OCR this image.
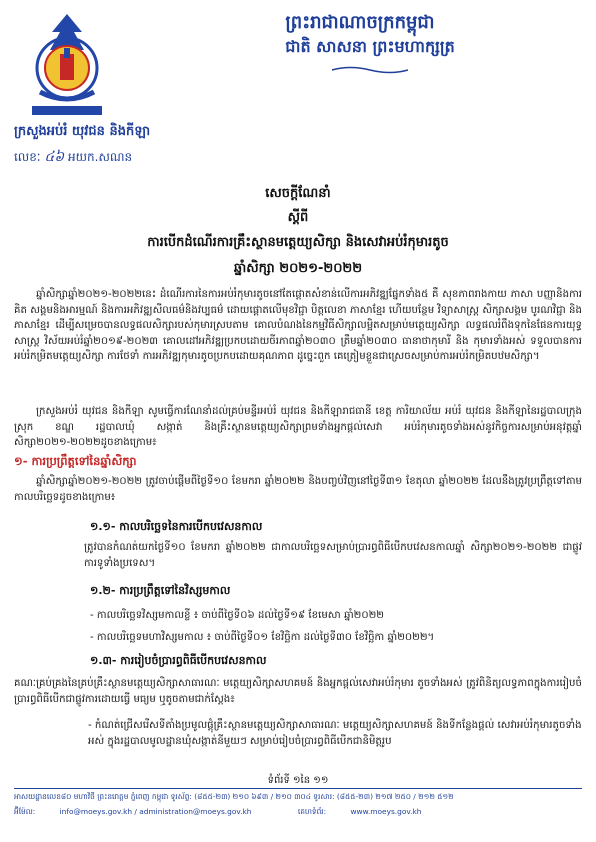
ព្រះរាជាណាចក្រកម្ពុជា
ជាតិ សាសនា ព្រះមហាក្សត្រ
ក្រសួងអប់រំ យុវជន និងកីឡា
លេខៈ ៤៦ អយក.សណន
សេចក្ដីណែនាំ
ស្ដីពី
ការបើកដំណើរការគ្រឹះស្ថានមត្តេយ្យសិក្សា និងសេវាអប់រំកុមារតូច
ឆ្នាំសិក្សា ២០២១-២០២២

ឆ្នាំសិក្សាឆ្នាំ២០២១-២០២២នេះ ដំណើរការនៃការអប់រំកុមារតូចនៅតែផ្ដោតសំខាន់លើការអភិវឌ្ឍផ្នែកទាំង៥ គឺ សុខភាពរាងកាយ ភាសា បញ្ញានិងការគិត សង្គមនិងអារម្មណ៍ និងការអភិវឌ្ឍសីលធម៌និងវប្បធម៌ ដោយផ្ដោតលើមុខវិជ្ជា បិត្តលេខា ភាសាខ្មែរ ហើយបន្ថែម វិទ្យាសាស្ត្រ សិក្សាសង្គម បូរណវិជ្ជា និងភាសាខ្មែរ ដើម្បីសម្រេចបានលទ្ធផលសិក្សារបស់កុមារស្របតាម គោលបំណងនៃកម្មវិធីសិក្សាលម្អិតសម្រាប់មត្តេយ្យសិក្សា លទ្ធផលរំពឹងទុកនៃផែនការយុទ្ធសាស្ត្រ វិស័យអប់រំឆ្នាំ២០១៩-២០២៣ គោលដៅអភិវឌ្ឍប្រកបដោយចីរភាពឆ្នាំ២០៣០ ត្រឹមឆ្នាំ២០៣០ ធានាថាកុមារី និង កុមារទាំងអស់ ទទួលបានការអប់រំកម្រិតមត្តេយ្យសិក្សា ការថែទាំ ការអភិវឌ្ឍកុមារតូចប្រកបដោយគុណភាព ដូច្នេះពួក គេត្រៀមខ្លួនជាស្រេចសម្រាប់ការអប់រំកម្រិតបឋមសិក្សា។

ក្រសួងអប់រំ យុវជន និងកីឡា សូមធ្វើការណែនាំដល់គ្រប់មន្ទីរអប់រំ យុវជន និងកីឡារាជធានី ខេត្ត ការិយាល័យ អប់រំ យុវជន និងកីឡានៃរដ្ឋបាលក្រុង ស្រុក ខណ្ឌ រដ្ឋបាលឃុំ សង្កាត់ និងគ្រឹះស្ថានមត្តេយ្យសិក្សាព្រមទាំងអ្នកផ្ដល់សេវា អប់រំកុមារតូចទាំងអស់នូវកិច្ចការសម្រាប់អនុវត្តឆ្នាំសិក្សា២០២១-២០២២ដូចខាងក្រោម៖

១- ការប្រព្រឹត្តទៅនៃឆ្នាំសិក្សា

ឆ្នាំសិក្សាឆ្នាំ២០២១-២០២២ ត្រូវចាប់ផ្ដើមពីថ្ងៃទី១០ ខែមករា ឆ្នាំ២០២២ និងបញ្ចប់វិញនៅថ្ងៃទី៣១ ខែតុលា ឆ្នាំ២០២២ ដែលនឹងត្រូវប្រព្រឹត្តទៅតាមកាលបរិច្ឆេទដូចខាងក្រោម៖

១.១- កាលបរិច្ឆេទនៃការបើកបវេសនកាល

ត្រូវបានកំណត់យកថ្ងៃទី១០ ខែមករា ឆ្នាំ២០២២ ជាកាលបរិច្ឆេទសម្រាប់ប្រារព្ធពិធីបើកបវេសនកាលឆ្នាំ សិក្សា២០២១-២០២២ ជាផ្លូវការទូទាំងប្រទេស។

១.២- ការប្រព្រឹត្តទៅនៃវិស្សមកាល
- កាលបរិច្ឆេទវិស្សមកាលខ្លី ៖ ចាប់ពីថ្ងៃទី០៦ ដល់ថ្ងៃទី១៩ ខែមេសា ឆ្នាំ២០២២
- កាលបរិច្ឆេទមហាវិស្សមកាល ៖ ចាប់ពីថ្ងៃទី០១ ខែវិច្ឆិកា ដល់ថ្ងៃទី៣០ ខែវិច្ឆិកា ឆ្នាំ២០២២។
១.៣- ការរៀបចំប្រារព្ធពិធីបើកបវេសនកាល

គណៈគ្រប់គ្រងនៃគ្រប់គ្រឹះស្ថានមត្តេយ្យសិក្សាសាធារណៈ មត្តេយ្យសិក្សាសហគមន៍ និងអ្នកផ្ដល់សេវាអប់រំកុមារ តូចទាំងអស់ ត្រូវពិនិត្យលទ្ធភាពក្នុងការរៀបចំប្រារព្ធពិធីបើកជាផ្លូវការដោយធ្វើ មធ្យម ឬតូចតាមជាក់ស្ដែង៖

- កំណត់ជ្រើសរើសទីតាំងប្រមូលផ្ដុំគ្រឹះស្ថានមត្តេយ្យសិក្សាសាធារណៈ មត្តេយ្យសិក្សាសហគមន៍ និងទីកន្លែងផ្ដល់ សេវាអប់រំកុមារតូចទាំងអស់ ក្នុងរដ្ឋបាលមូលដ្ឋានឃុំសង្កាត់នីមួយៗ សម្រាប់រៀបចំប្រារព្ធពិធីបើកជានិមិត្តរូប
ទំព័រទី ១នៃ ១១
អាសយដ្ឋានលេខ៨០ មហាវិថី ព្រះនរោត្តម ភ្នំពេញ កម្ពុជា ទូរស័ព្ទ: (៨៥៥-២៣) ២១០ ៦៩៣ / ២១០ ៣០៤ ទូរសារ: (៨៥៥-២៣) ២១៧ ២៥០ / ២១២ ៥១២
អ៊ីម៉ែល:	info@moeys.gov.kh / administration@moeys.gov.kh	គេហទំព័រ:	www.moeys.gov.kh
